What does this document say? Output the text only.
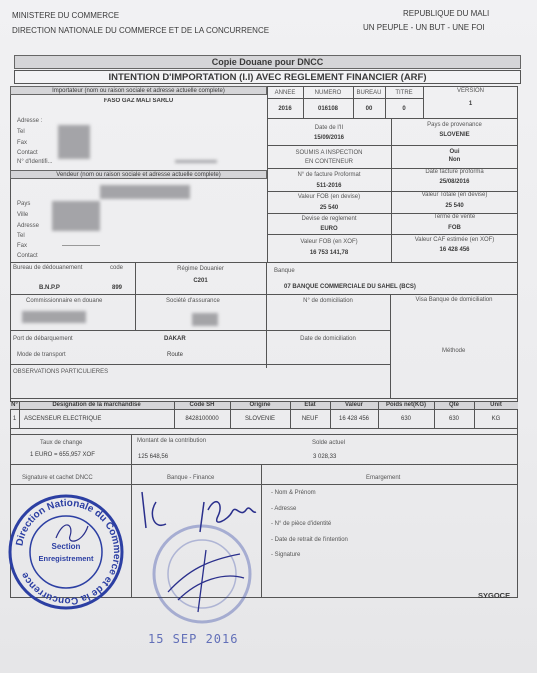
MINISTERE DU COMMERCE
DIRECTION NATIONALE DU COMMERCE ET DE LA CONCURRENCE
REPUBLIQUE DU MALI
UN PEUPLE - UN BUT - UNE FOI
Copie Douane pour DNCC
INTENTION D'IMPORTATION (I.I) AVEC REGLEMENT FINANCIER (ARF)
Importateur (nom ou raison sociale et adresse actuelle complete)
FASO GAZ MALI SARLU
Adresse :
Tel
Fax
Contact
N° d'Identifi...
ANNEE	NUMERO	BUREAU	TITRE	VERSION
2016	016108	00	0
1
Date de l'II
15/09/2016
Pays de provenance
SLOVENIE
SOUMIS A INSPECTION
EN CONTENEUR
Oui
Non
N° de facture Proformat
511-2016
Date facture proforma
25/08/2016
Valeur FOB (en devise)
25 540
Valeur Totale (en devise)
25 540
Devise de reglement
EURO
Terme de vente
FOB
Valeur FOB (en XOF)
16 753 141,78
Valeur CAF estimée (en XOF)
16 428 456
Vendeur (nom ou raison sociale et adresse actuelle complete)
Pays
Ville
Adresse
Tel
Fax
Contact
Bureau de dédouanement	code
B.N.P.P	899
Régime Douanier
C201
Banque
07 BANQUE COMMERCIALE DU SAHEL (BCS)
Commissionnaire en douane	Société d'assurance	N° de domiciliation	Visa Banque de domiciliation
Port de débarquement	DAKAR
Mode de transport	Route
Date de domiciliation
Méthode
OBSERVATIONS PARTICULIERES
N°	Designation de la marchandise	Code SH	Origine	Etat	Valeur	Poids net(KG)	Qté	Unit
1	ASCENSEUR ELECTRIQUE	8428100000	SLOVENIE	NEUF	16 428 456	630	630	KG
Taux de change
1 EURO = 655,957 XOF
Montant de la contribution
125 648,56
Solde actuel
3 028,33
Signature et cachet DNCC	Banque - Finance	Emargement
- Nom & Prénom
- Adresse
- N° de pièce d'identité
- Date de retrait de l'intention
- Signature
SYGOCE
Direction Nationale du Commerce et de la Concurrence
Section
Enregistrement
15 SEP 2016
